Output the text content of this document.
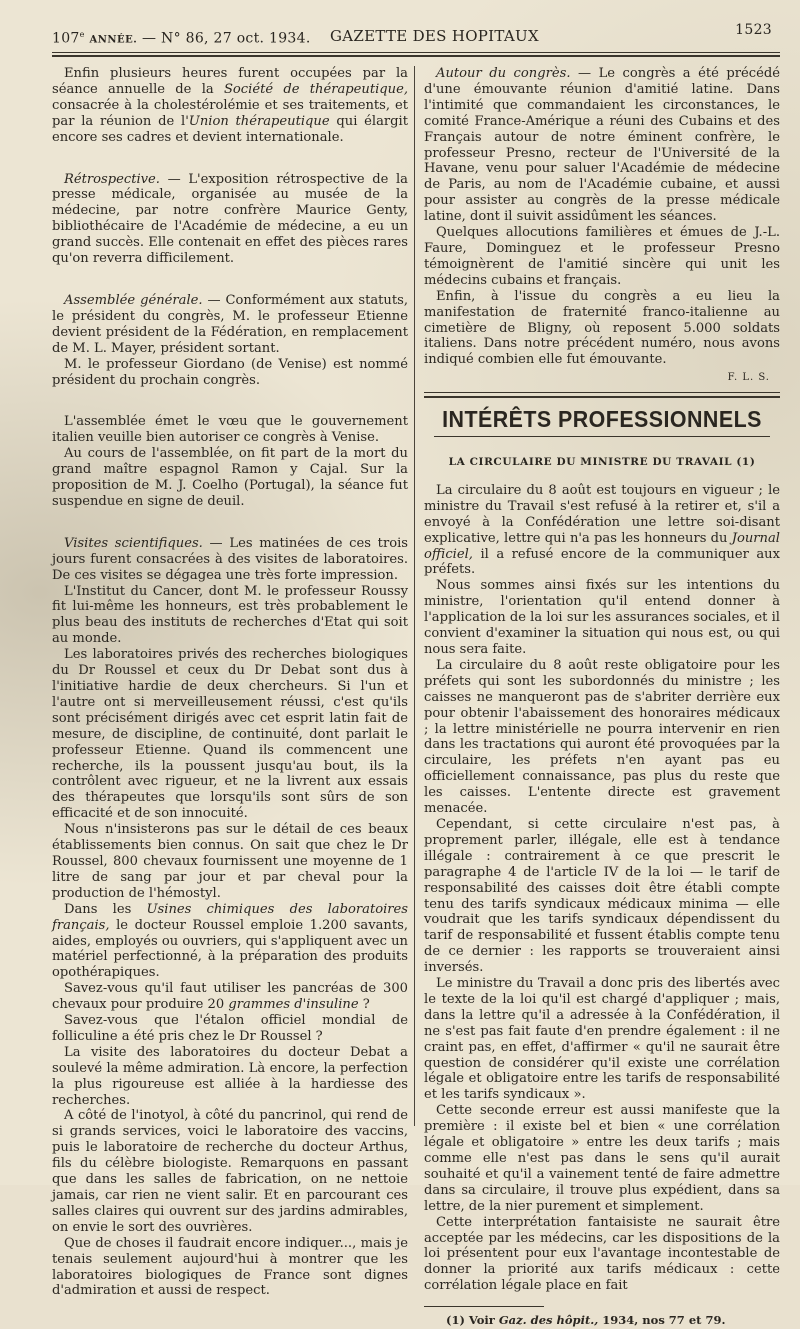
107e ANNÉE. — N° 86, 27 oct. 1934. GAZETTE DES HOPITAUX	1523

Enfin plusieurs heures furent occupées par la séance annuelle de la Société de thérapeutique, consacrée à la cholestérolémie et ses traitements, et par la réunion de l'Union thérapeutique qui élargit encore ses cadres et devient internationale.

Rétrospective. — L'exposition rétrospective de la presse médicale, organisée au musée de la médecine, par notre confrère Maurice Genty, bibliothécaire de l'Académie de médecine, a eu un grand succès. Elle contenait en effet des pièces rares qu'on reverra difficilement.

Assemblée générale. — Conformément aux statuts, le président du congrès, M. le professeur Etienne devient président de la Fédération, en remplacement de M. L. Mayer, président sortant.

M. le professeur Giordano (de Venise) est nommé président du prochain congrès.

L'assemblée émet le vœu que le gouvernement italien veuille bien autoriser ce congrès à Venise.

Au cours de l'assemblée, on fit part de la mort du grand maître espagnol Ramon y Cajal. Sur la proposition de M. J. Coelho (Portugal), la séance fut suspendue en signe de deuil.

Visites scientifiques. — Les matinées de ces trois jours furent consacrées à des visites de laboratoires. De ces visites se dégagea une très forte impression.

L'Institut du Cancer, dont M. le professeur Roussy fit lui-même les honneurs, est très probablement le plus beau des instituts de recherches d'Etat qui soit au monde.

Les laboratoires privés des recherches biologiques du Dr Roussel et ceux du Dr Debat sont dus à l'initiative hardie de deux chercheurs. Si l'un et l'autre ont si merveilleusement réussi, c'est qu'ils sont précisément dirigés avec cet esprit latin fait de mesure, de discipline, de continuité, dont parlait le professeur Etienne. Quand ils commencent une recherche, ils la poussent jusqu'au bout, ils la contrôlent avec rigueur, et ne la livrent aux essais des thérapeutes que lorsqu'ils sont sûrs de son efficacité et de son innocuité.

Nous n'insisterons pas sur le détail de ces beaux établissements bien connus. On sait que chez le Dr Roussel, 800 chevaux fournissent une moyenne de 1 litre de sang par jour et par cheval pour la production de l'hémostyl.

Dans les Usines chimiques des laboratoires français, le docteur Roussel emploie 1.200 savants, aides, employés ou ouvriers, qui s'appliquent avec un matériel perfectionné, à la préparation des produits opothérapiques.

Savez-vous qu'il faut utiliser les pancréas de 300 chevaux pour produire 20 grammes d'insuline ?

Savez-vous que l'étalon officiel mondial de folliculine a été pris chez le Dr Roussel ?

La visite des laboratoires du docteur Debat a soulevé la même admiration. Là encore, la perfection la plus rigoureuse est alliée à la hardiesse des recherches.

A côté de l'inotyol, à côté du pancrinol, qui rend de si grands services, voici le laboratoire des vaccins, puis le laboratoire de recherche du docteur Arthus, fils du célèbre biologiste. Remarquons en passant que dans les salles de fabrication, on ne nettoie jamais, car rien ne vient salir. Et en parcourant ces salles claires qui ouvrent sur des jardins admirables, on envie le sort des ouvrières.

Que de choses il faudrait encore indiquer..., mais je tenais seulement aujourd'hui à montrer que les laboratoires biologiques de France sont dignes d'admiration et aussi de respect.

Autour du congrès. — Le congrès a été précédé d'une émouvante réunion d'amitié latine. Dans l'intimité que commandaient les circonstances, le comité France-Amérique a réuni des Cubains et des Français autour de notre éminent confrère, le professeur Presno, recteur de l'Université de la Havane, venu pour saluer l'Académie de médecine de Paris, au nom de l'Académie cubaine, et aussi pour assister au congrès de la presse médicale latine, dont il suivit assidûment les séances.

Quelques allocutions familières et émues de J.-L. Faure, Dominguez et le professeur Presno témoignèrent de l'amitié sincère qui unit les médecins cubains et français.

Enfin, à l'issue du congrès a eu lieu la manifestation de fraternité franco-italienne au cimetière de Bligny, où reposent 5.000 soldats italiens. Dans notre précédent numéro, nous avons indiqué combien elle fut émouvante.

F. L. S.
INTÉRÊTS PROFESSIONNELS
LA CIRCULAIRE DU MINISTRE DU TRAVAIL (1)

La circulaire du 8 août est toujours en vigueur ; le ministre du Travail s'est refusé à la retirer et, s'il a envoyé à la Confédération une lettre soi-disant explicative, lettre qui n'a pas les honneurs du Journal officiel, il a refusé encore de la communiquer aux préfets.

Nous sommes ainsi fixés sur les intentions du ministre, l'orientation qu'il entend donner à l'application de la loi sur les assurances sociales, et il convient d'examiner la situation qui nous est, ou qui nous sera faite.

La circulaire du 8 août reste obligatoire pour les préfets qui sont les subordonnés du ministre ; les caisses ne manqueront pas de s'abriter derrière eux pour obtenir l'abaissement des honoraires médicaux ; la lettre ministérielle ne pourra intervenir en rien dans les tractations qui auront été provoquées par la circulaire, les préfets n'en ayant pas eu officiellement connaissance, pas plus du reste que les caisses. L'entente directe est gravement menacée.

Cependant, si cette circulaire n'est pas, à proprement parler, illégale, elle est à tendance illégale : contrairement à ce que prescrit le paragraphe 4 de l'article IV de la loi — le tarif de responsabilité des caisses doit être établi compte tenu des tarifs syndicaux médicaux minima — elle voudrait que les tarifs syndicaux dépendissent du tarif de responsabilité et fussent établis compte tenu de ce dernier : les rapports se trouveraient ainsi inversés.

Le ministre du Travail a donc pris des libertés avec le texte de la loi qu'il est chargé d'appliquer ; mais, dans la lettre qu'il a adressée à la Confédération, il ne s'est pas fait faute d'en prendre également : il ne craint pas, en effet, d'affirmer « qu'il ne saurait être question de considérer qu'il existe une corrélation légale et obligatoire entre les tarifs de responsabilité et les tarifs syndicaux ».

Cette seconde erreur est aussi manifeste que la première : il existe bel et bien « une corrélation légale et obligatoire » entre les deux tarifs ; mais comme elle n'est pas dans le sens qu'il aurait souhaité et qu'il a vainement tenté de faire admettre dans sa circulaire, il trouve plus expédient, dans sa lettre, de la nier purement et simplement.

Cette interprétation fantaisiste ne saurait être acceptée par les médecins, car les dispositions de la loi présentent pour eux l'avantage incontestable de donner la priorité aux tarifs médicaux : cette corrélation légale place en fait

(1) Voir Gaz. des hôpit., 1934, nos 77 et 79.
